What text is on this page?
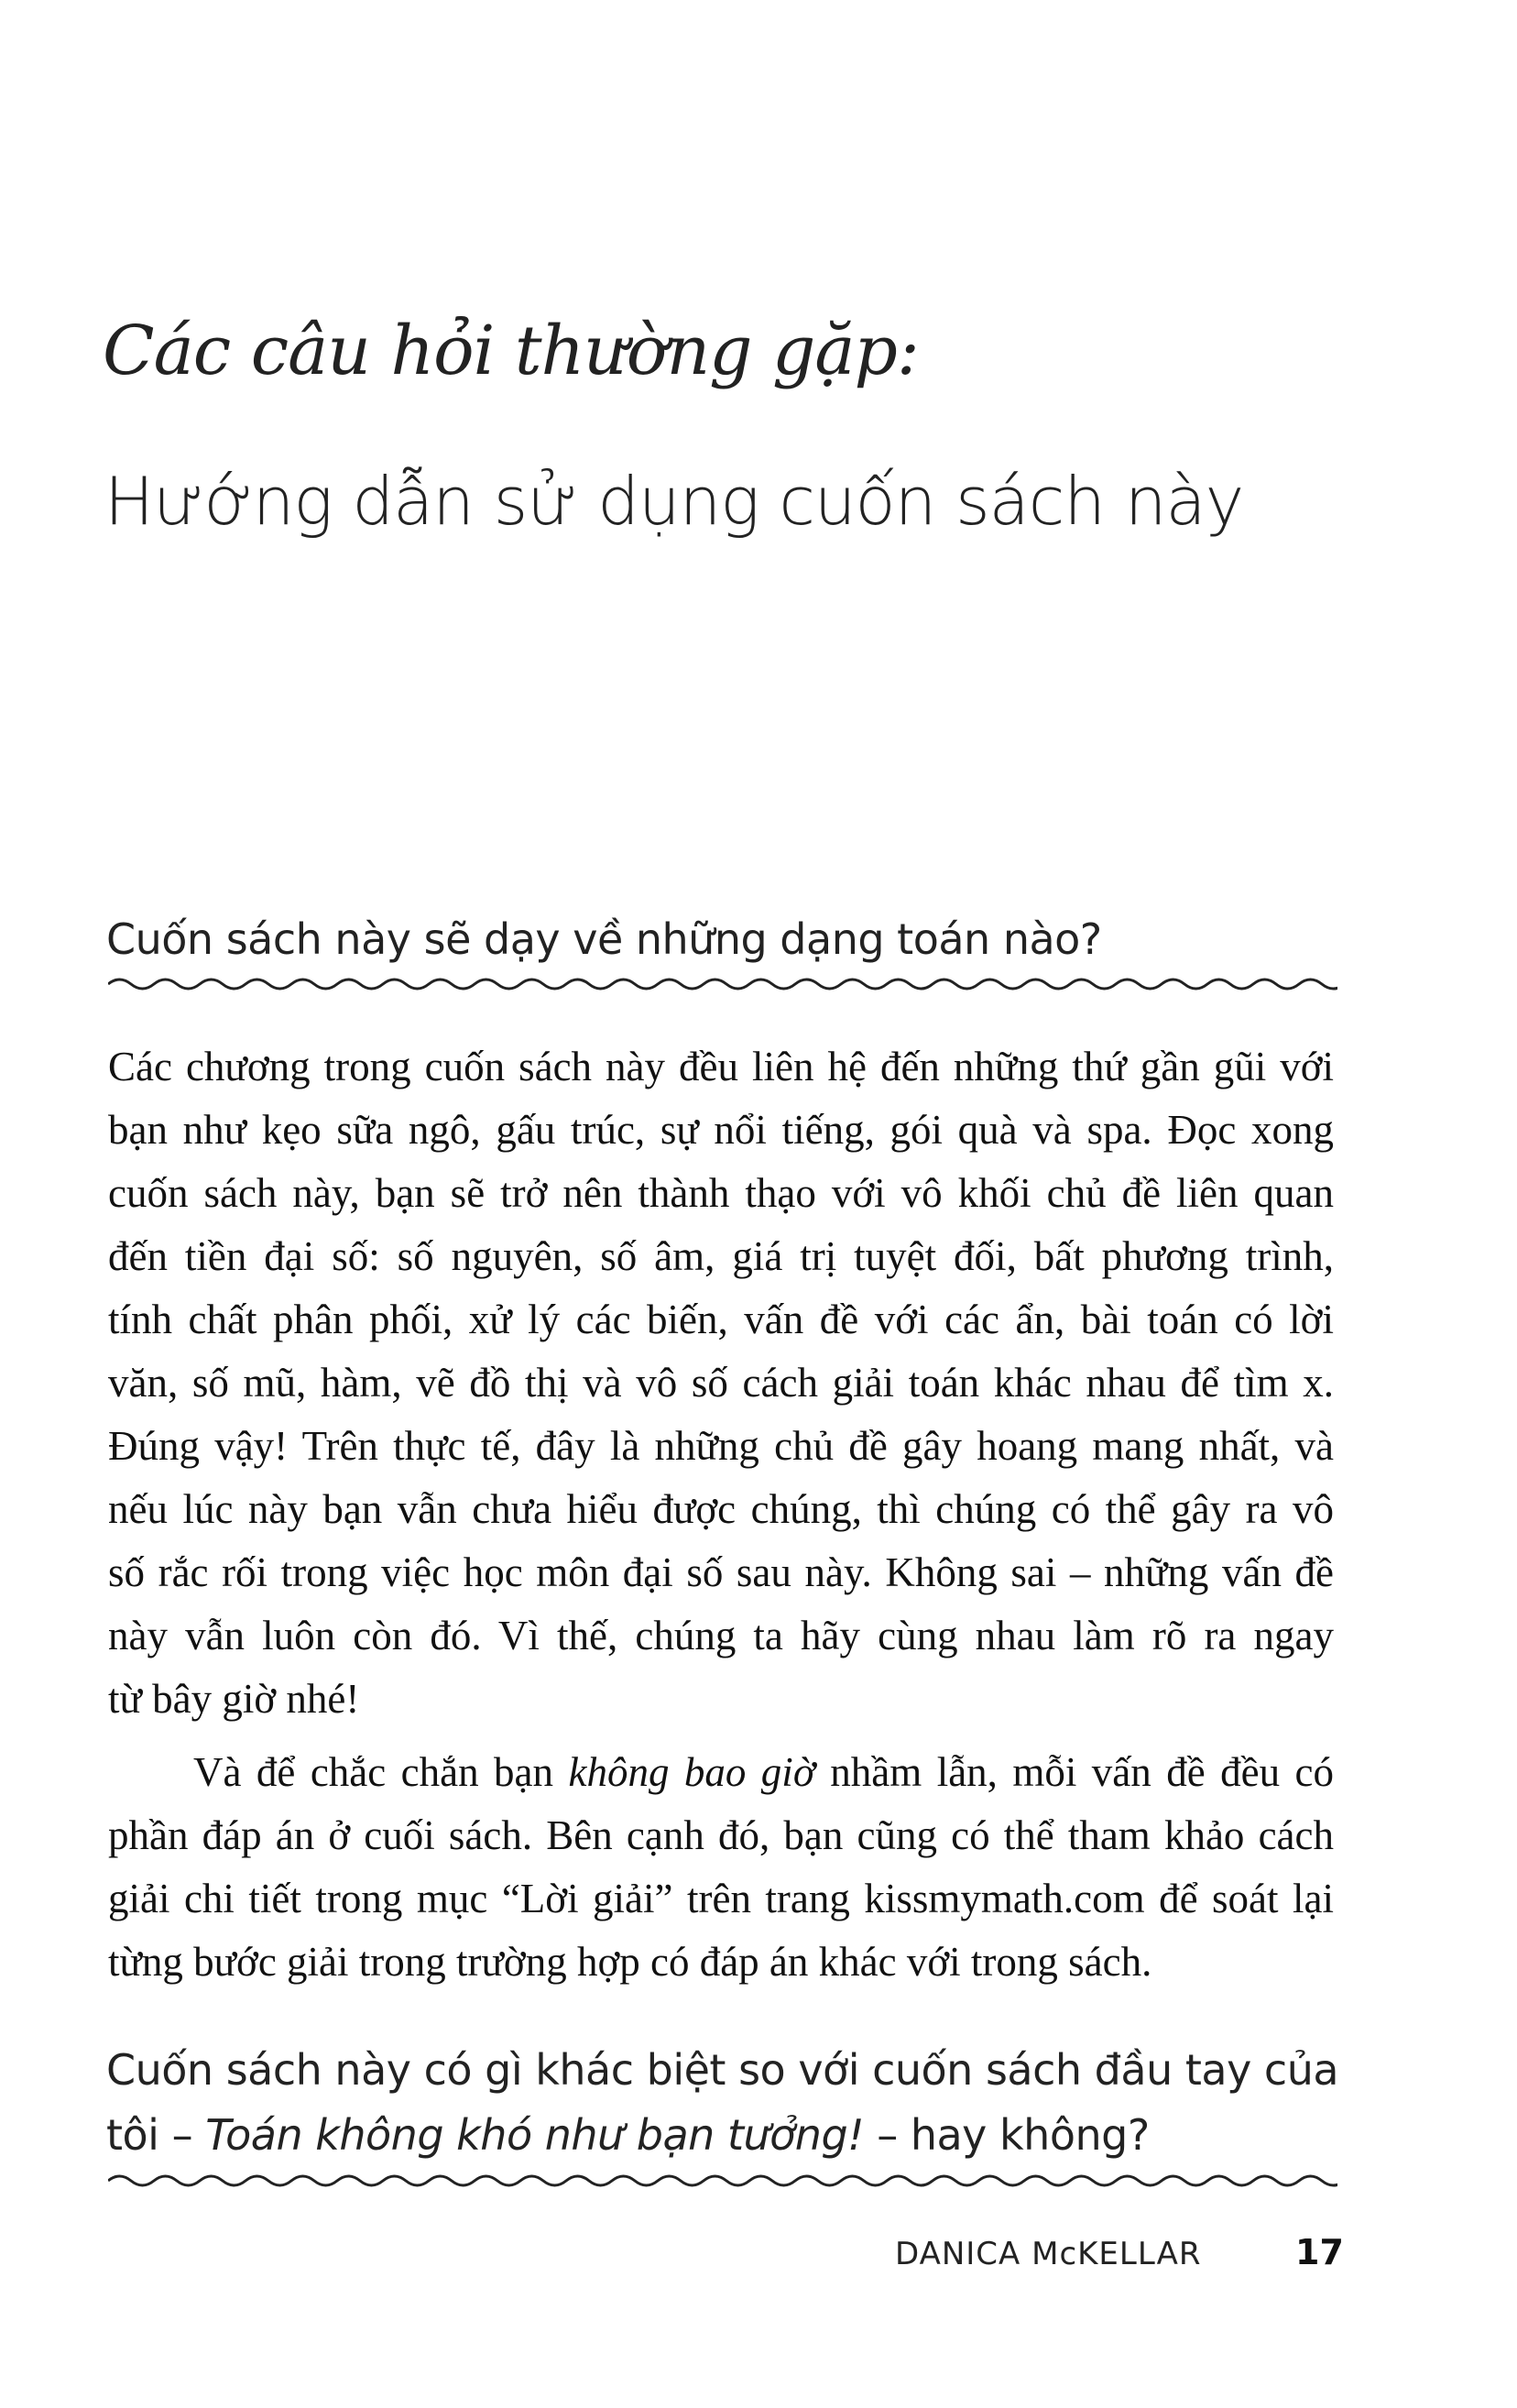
Các câu hỏi thường gặp:
Hướng dẫn sử dụng cuốn sách này
Cuốn sách này sẽ dạy về những dạng toán nào?
Các chương trong cuốn sách này đều liên hệ đến những thứ gần gũi với
bạn như kẹo sữa ngô, gấu trúc, sự nổi tiếng, gói quà và spa. Đọc xong
cuốn sách này, bạn sẽ trở nên thành thạo với vô khối chủ đề liên quan
đến tiền đại số: số nguyên, số âm, giá trị tuyệt đối, bất phương trình,
tính chất phân phối, xử lý các biến, vấn đề với các ẩn, bài toán có lời
văn, số mũ, hàm, vẽ đồ thị và vô số cách giải toán khác nhau để tìm x.
Đúng vậy! Trên thực tế, đây là những chủ đề gây hoang mang nhất, và
nếu lúc này bạn vẫn chưa hiểu được chúng, thì chúng có thể gây ra vô
số rắc rối trong việc học môn đại số sau này. Không sai – những vấn đề
này vẫn luôn còn đó. Vì thế, chúng ta hãy cùng nhau làm rõ ra ngay
từ bây giờ nhé!
Và để chắc chắn bạn không bao giờ nhầm lẫn, mỗi vấn đề đều có
phần đáp án ở cuối sách. Bên cạnh đó, bạn cũng có thể tham khảo cách
giải chi tiết trong mục “Lời giải” trên trang kissmymath.com để soát lại
từng bước giải trong trường hợp có đáp án khác với trong sách.
Cuốn sách này có gì khác biệt so với cuốn sách đầu tay của
tôi – Toán không khó như bạn tưởng! – hay không?
DANICA McKELLAR	17
